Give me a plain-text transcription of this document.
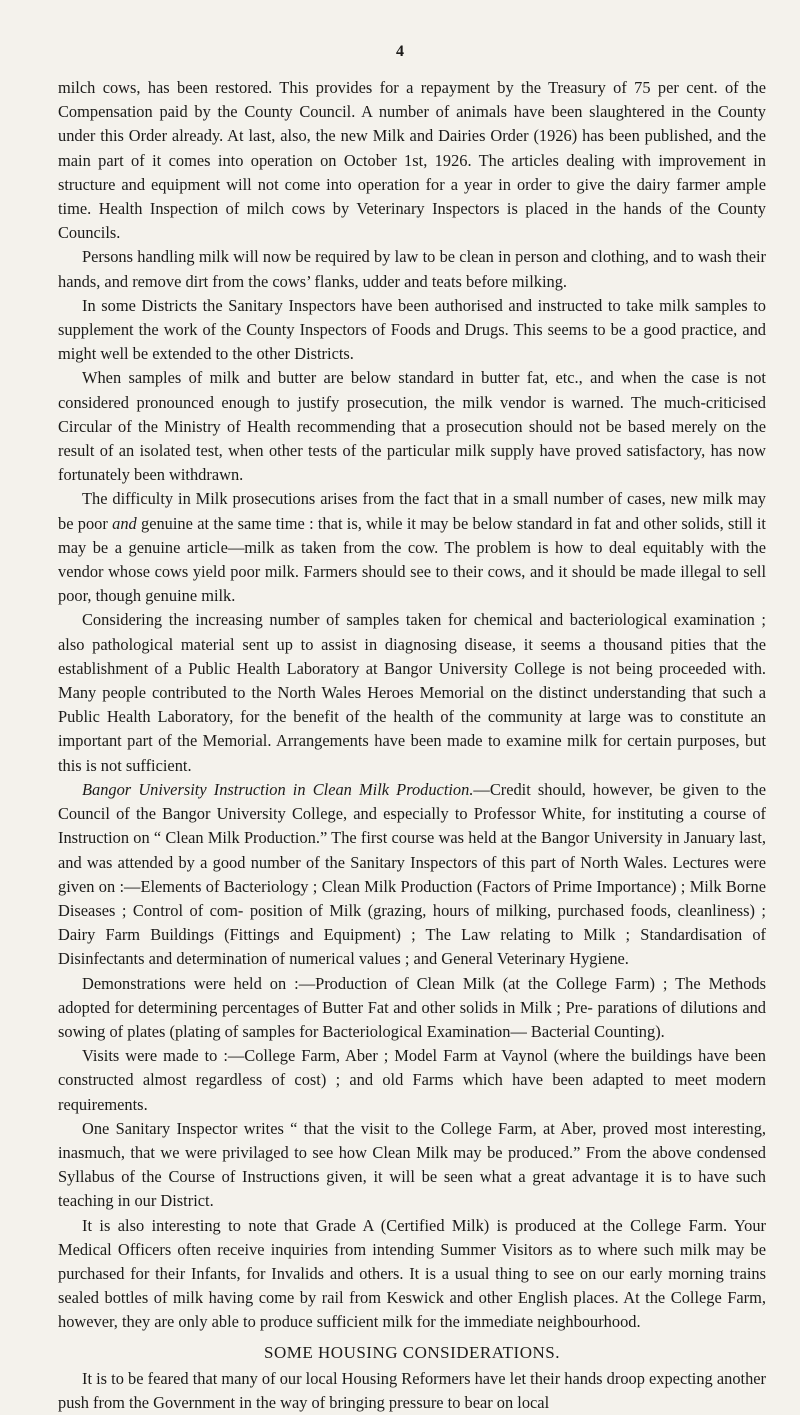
4

milch cows, has been restored. This provides for a repayment by the Treasury of 75 per cent. of the Compensation paid by the County Council. A number of animals have been slaughtered in the County under this Order already. At last, also, the new Milk and Dairies Order (1926) has been published, and the main part of it comes into operation on October 1st, 1926. The articles dealing with improvement in structure and equipment will not come into operation for a year in order to give the dairy farmer ample time. Health Inspection of milch cows by Veterinary Inspectors is placed in the hands of the County Councils.

Persons handling milk will now be required by law to be clean in person and clothing, and to wash their hands, and remove dirt from the cows’ flanks, udder and teats before milking.

In some Districts the Sanitary Inspectors have been authorised and instructed to take milk samples to supplement the work of the County Inspectors of Foods and Drugs. This seems to be a good practice, and might well be extended to the other Districts.

When samples of milk and butter are below standard in butter fat, etc., and when the case is not considered pronounced enough to justify prosecution, the milk vendor is warned. The much-criticised Circular of the Ministry of Health recommending that a prosecution should not be based merely on the result of an isolated test, when other tests of the particular milk supply have proved satisfactory, has now fortunately been withdrawn.

The difficulty in Milk prosecutions arises from the fact that in a small number of cases, new milk may be poor and genuine at the same time : that is, while it may be below standard in fat and other solids, still it may be a genuine article—milk as taken from the cow. The problem is how to deal equitably with the vendor whose cows yield poor milk. Farmers should see to their cows, and it should be made illegal to sell poor, though genuine milk.

Considering the increasing number of samples taken for chemical and bacteriological examination ; also pathological material sent up to assist in diagnosing disease, it seems a thousand pities that the establishment of a Public Health Laboratory at Bangor University College is not being proceeded with. Many people contributed to the North Wales Heroes Memorial on the distinct understanding that such a Public Health Laboratory, for the benefit of the health of the community at large was to constitute an important part of the Memorial. Arrangements have been made to examine milk for certain purposes, but this is not sufficient.

Bangor University Instruction in Clean Milk Production.—Credit should, however, be given to the Council of the Bangor University College, and especially to Professor White, for instituting a course of Instruction on “ Clean Milk Production.” The first course was held at the Bangor University in January last, and was attended by a good number of the Sanitary Inspectors of this part of North Wales. Lectures were given on :—Elements of Bacteriology ; Clean Milk Production (Factors of Prime Importance) ; Milk Borne Diseases ; Control of com- position of Milk (grazing, hours of milking, purchased foods, cleanliness) ; Dairy Farm Buildings (Fittings and Equipment) ; The Law relating to Milk ; Standardisation of Disinfectants and determination of numerical values ; and General Veterinary Hygiene.

Demonstrations were held on :—Production of Clean Milk (at the College Farm) ; The Methods adopted for determining percentages of Butter Fat and other solids in Milk ; Pre- parations of dilutions and sowing of plates (plating of samples for Bacteriological Examination— Bacterial Counting).

Visits were made to :—College Farm, Aber ; Model Farm at Vaynol (where the buildings have been constructed almost regardless of cost) ; and old Farms which have been adapted to meet modern requirements.

One Sanitary Inspector writes “ that the visit to the College Farm, at Aber, proved most interesting, inasmuch, that we were privilaged to see how Clean Milk may be produced.” From the above condensed Syllabus of the Course of Instructions given, it will be seen what a great advantage it is to have such teaching in our District.

It is also interesting to note that Grade A (Certified Milk) is produced at the College Farm. Your Medical Officers often receive inquiries from intending Summer Visitors as to where such milk may be purchased for their Infants, for Invalids and others. It is a usual thing to see on our early morning trains sealed bottles of milk having come by rail from Keswick and other English places. At the College Farm, however, they are only able to produce sufficient milk for the immediate neighbourhood.

SOME HOUSING CONSIDERATIONS.

It is to be feared that many of our local Housing Reformers have let their hands droop expecting another push from the Government in the way of bringing pressure to bear on local
